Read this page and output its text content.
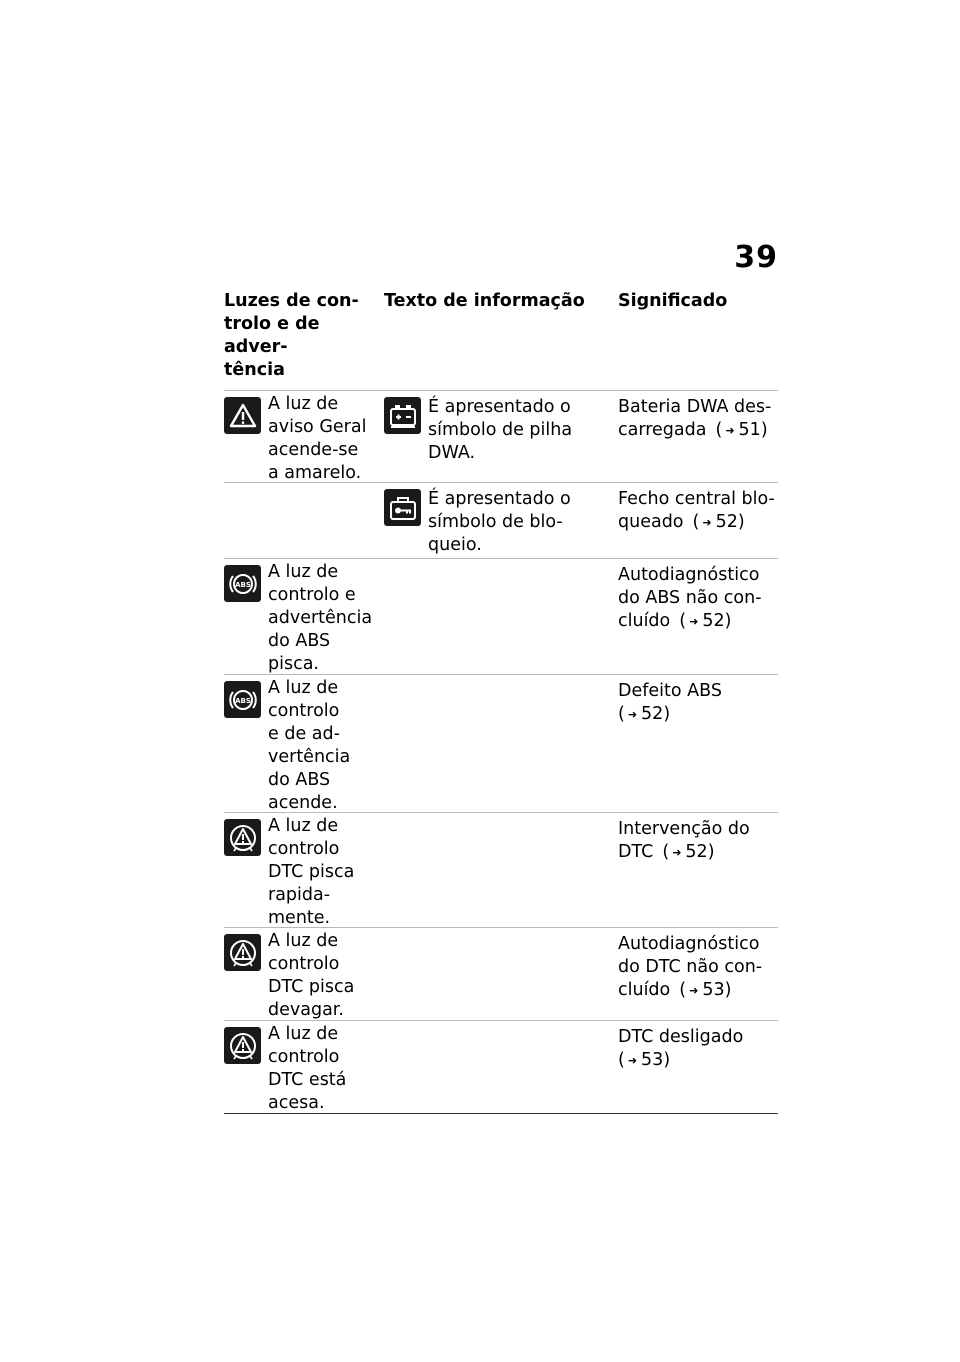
39
Luzes de con-
trolo e de adver-
tência
Texto de informação	Significado
A luz de
aviso Geral
acende-se
a amarelo.
É apresentado o
símbolo de pilha
DWA.
Bateria DWA des-
carregada ( ➜ 51)
É apresentado o
símbolo de blo-
queio.
Fecho central blo-
queado ( ➜ 52)
ABS
A luz de
controlo e
advertência
do ABS
pisca.
Autodiagnóstico
do ABS não con-
cluído ( ➜ 52)
ABS
A luz de
controlo
e de ad-
vertência
do ABS
acende.
Defeito ABS
( ➜ 52)
A luz de
controlo
DTC pisca
rapida-
mente.
Intervenção do
DTC ( ➜ 52)
A luz de
controlo
DTC pisca
devagar.
Autodiagnóstico
do DTC não con-
cluído ( ➜ 53)
A luz de
controlo
DTC está
acesa.
DTC desligado
( ➜ 53)
